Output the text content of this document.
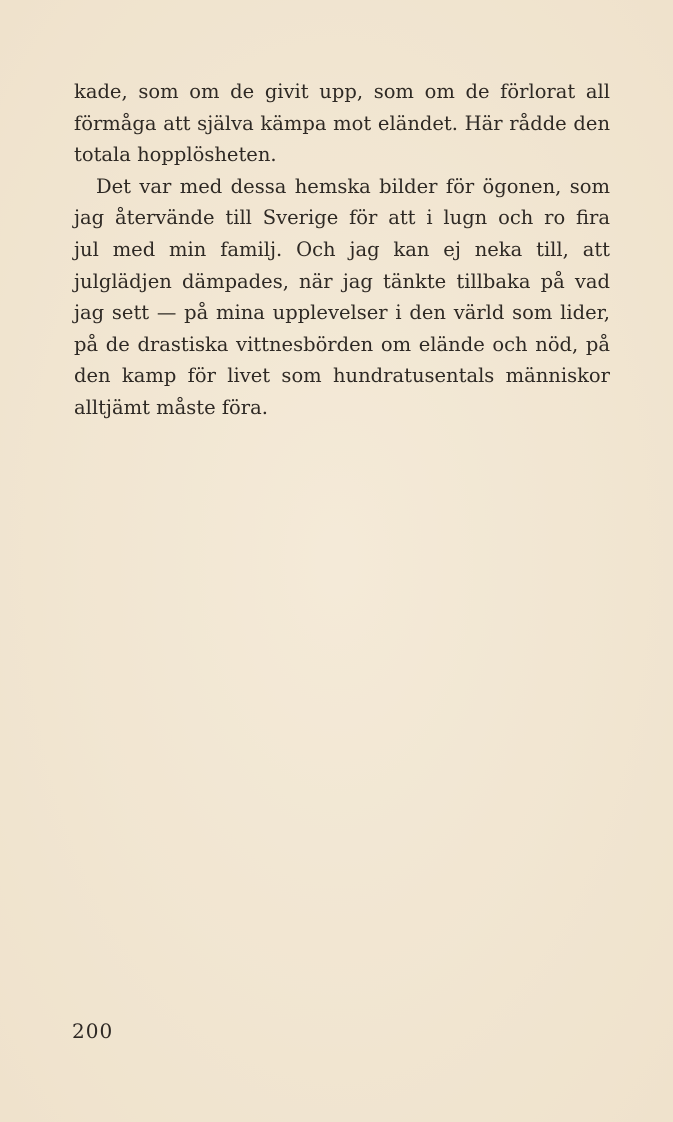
kade, som om de givit upp, som om de förlorat all
förmåga att själva kämpa mot eländet. Här rådde den
totala hopplösheten.
Det var med dessa hemska bilder för ögonen, som
jag återvände till Sverige för att i lugn och ro fira
jul med min familj. Och jag kan ej neka till, att
julglädjen dämpades, när jag tänkte tillbaka på vad
jag sett — på mina upplevelser i den värld som lider,
på de drastiska vittnesbörden om elände och nöd, på
den kamp för livet som hundratusentals människor
alltjämt måste föra.
200
